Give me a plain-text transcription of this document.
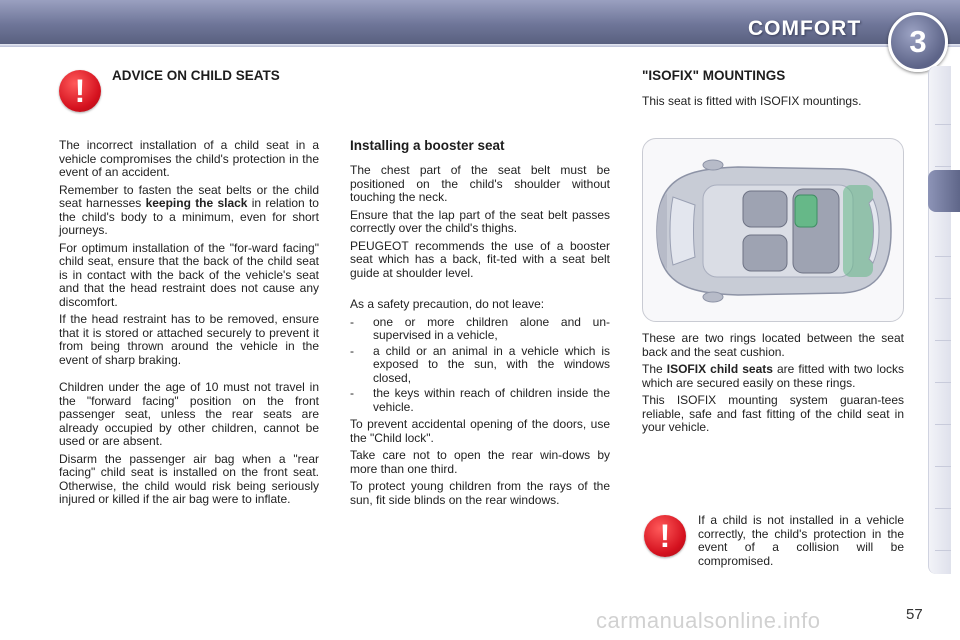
COMFORT	3
!	ADVICE ON CHILD SEATS

The incorrect installation of a child seat in a vehicle compromises the child's protection in the event of an accident.

Remember to fasten the seat belts or the child seat harnesses keeping the slack in relation to the child's body to a minimum, even for short journeys.

For optimum installation of the "for-ward facing" child seat, ensure that the back of the child seat is in contact with the back of the vehicle's seat and that the head restraint does not cause any discomfort.

If the head restraint has to be removed, ensure that it is stored or attached securely to prevent it from being thrown around the vehicle in the event of sharp braking.

Children under the age of 10 must not travel in the "forward facing" position on the front passenger seat, unless the rear seats are already occupied by other children, cannot be used or are absent.

Disarm the passenger air bag when a "rear facing" child seat is installed on the front seat. Otherwise, the child would risk being seriously injured or killed if the air bag were to inflate.

Installing a booster seat

The chest part of the seat belt must be positioned on the child's shoulder without touching the neck.

Ensure that the lap part of the seat belt passes correctly over the child's thighs.

PEUGEOT recommends the use of a booster seat which has a back, fit-ted with a seat belt guide at shoulder level.

As a safety precaution, do not leave:

- one or more children alone and un-supervised in a vehicle,
- a child or an animal in a vehicle which is exposed to the sun, with the windows closed,
- the keys within reach of children inside the vehicle.

To prevent accidental opening of the doors, use the "Child lock".

Take care not to open the rear win-dows by more than one third.

To protect young children from the rays of the sun, fit side blinds on the rear windows.

"ISOFIX" MOUNTINGS
This seat is fitted with ISOFIX mountings.

These are two rings located between the seat back and the seat cushion.

The ISOFIX child seats are fitted with two locks which are secured easily on these rings.

This ISOFIX mounting system guaran-tees reliable, safe and fast fitting of the child seat in your vehicle.

!	If a child is not installed in a vehicle correctly, the child's protection in the event of a collision will be compromised.
carmanualsonline.info	57
